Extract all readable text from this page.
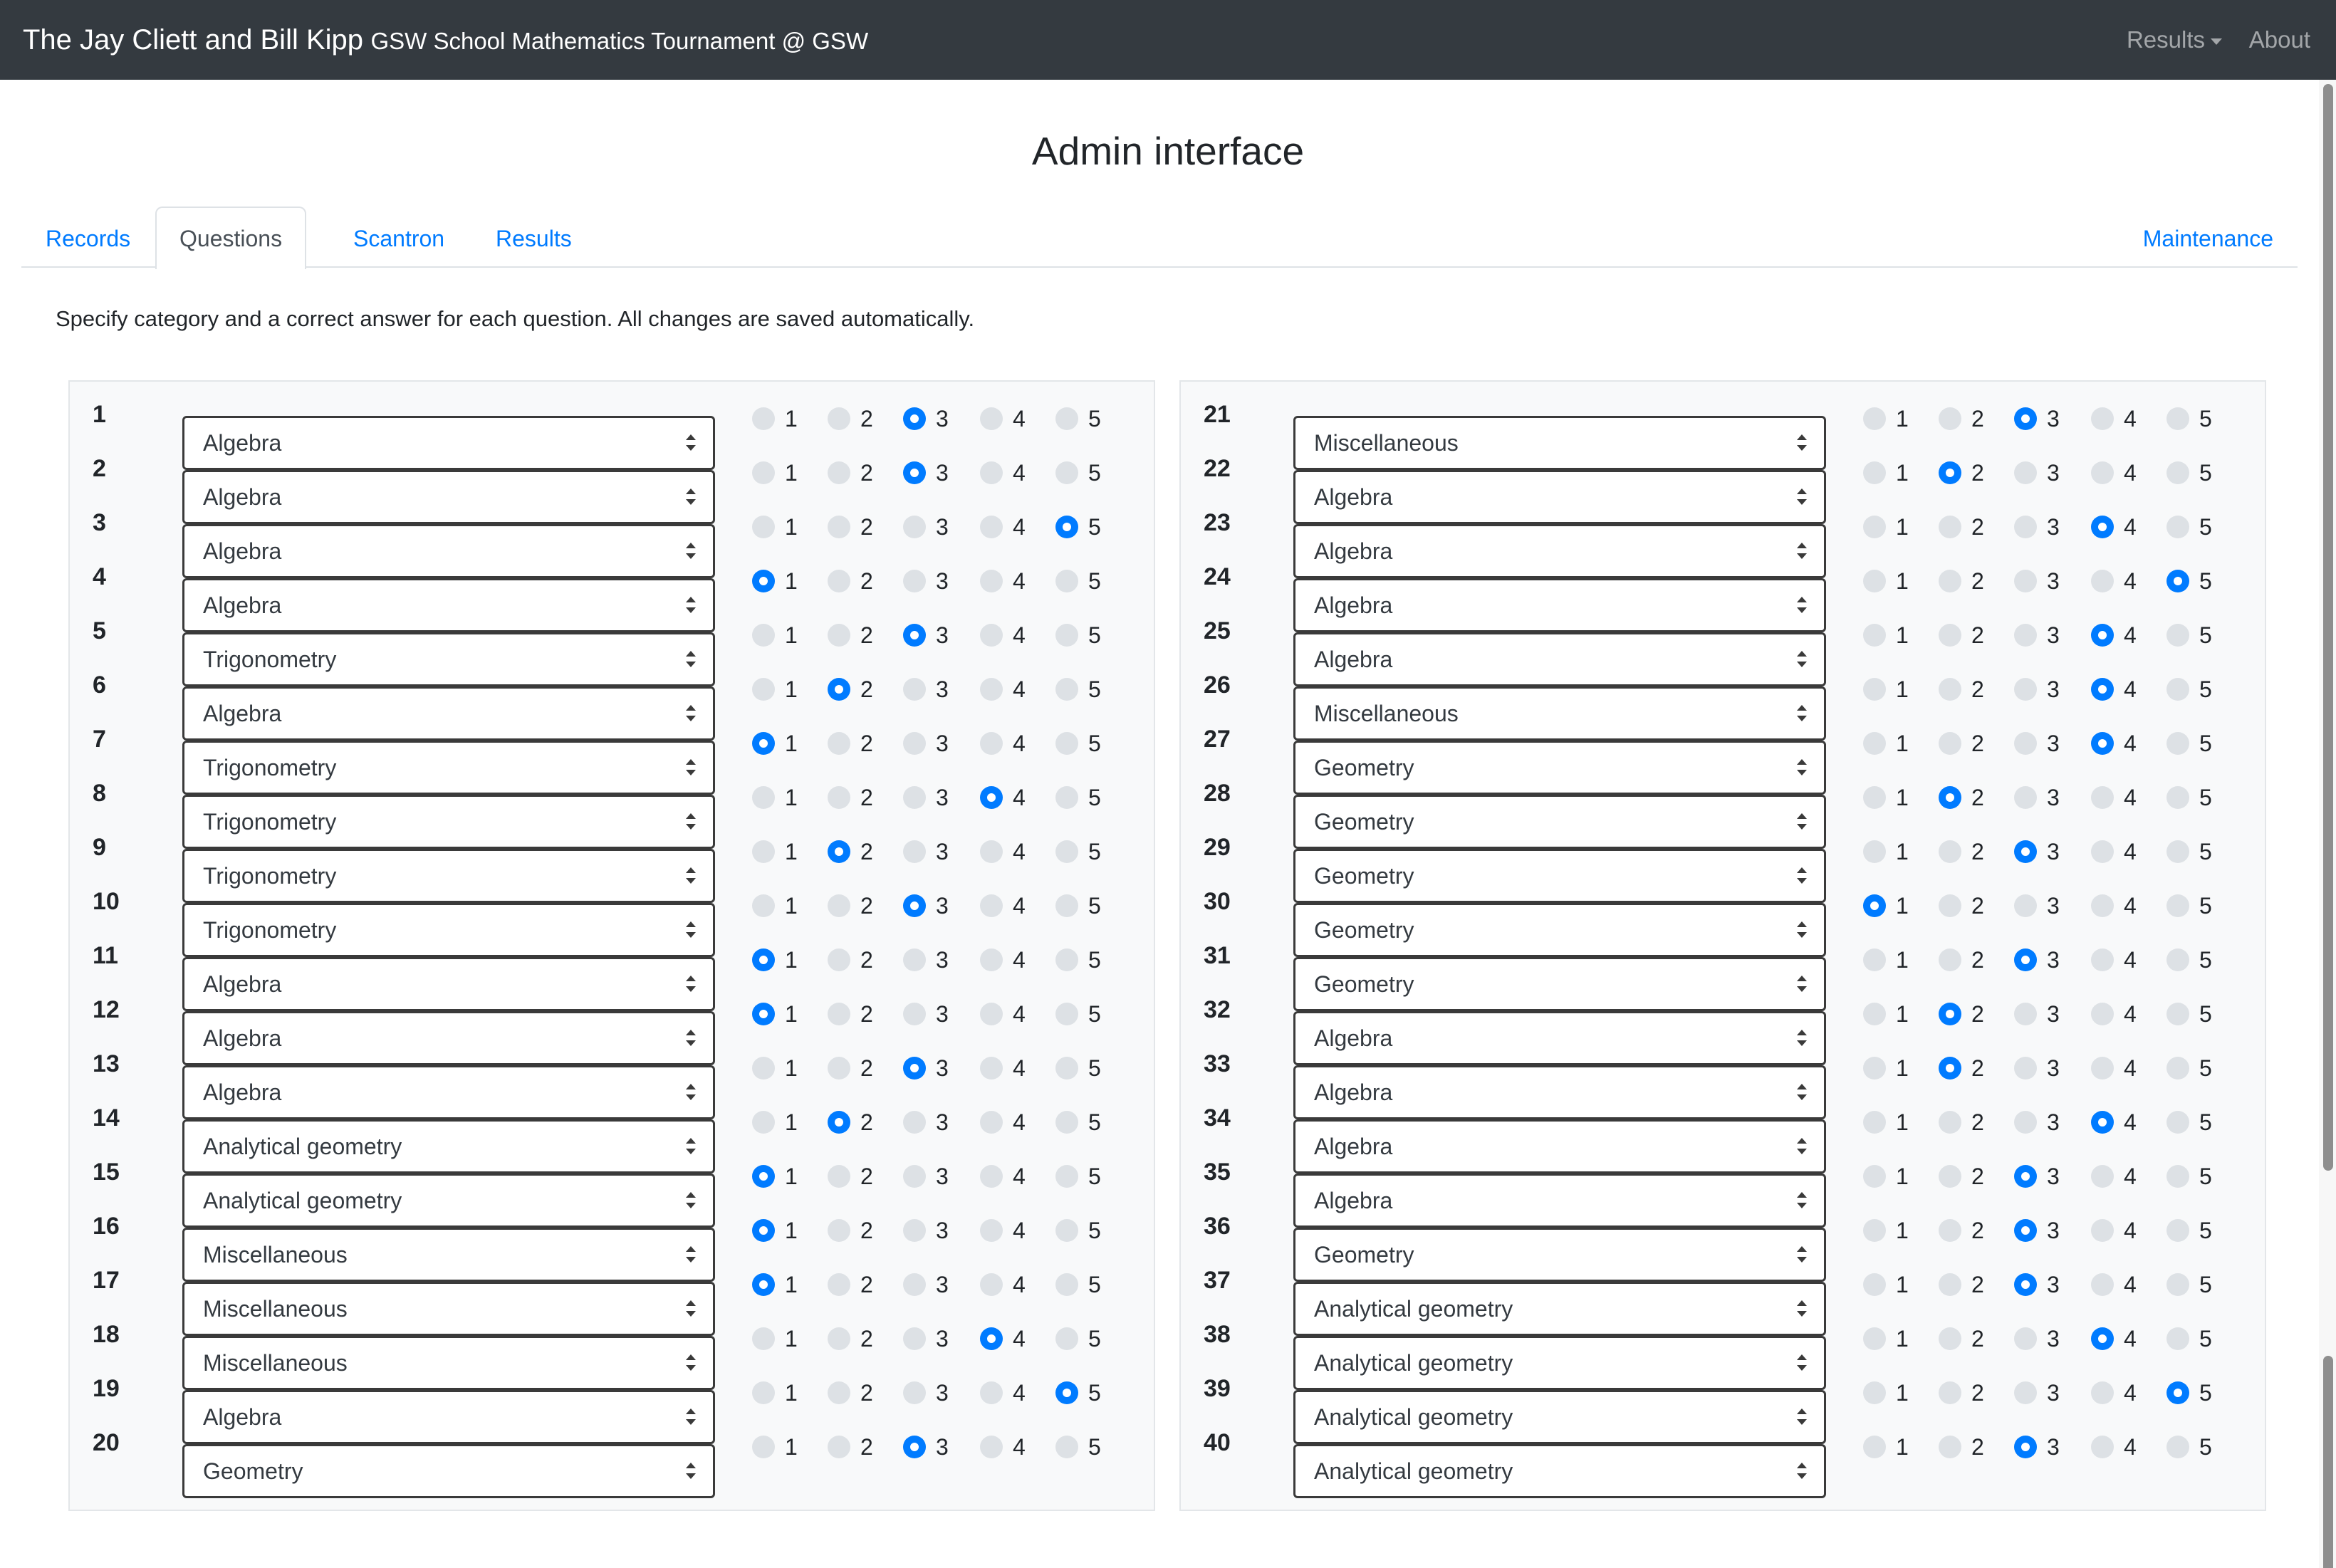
The Jay Cliett and Bill Kipp GSW School Mathematics Tournament @ GSW	Results	About
Admin interface
Records	Questions	Scantron	Results	Maintenance
Specify category and a correct answer for each question. All changes are saved automatically.
1
Algebra
1	2	3	4	5
2
Algebra
1	2	3	4	5
3
Algebra
1	2	3	4	5
4
Algebra
1	2	3	4	5
5
Trigonometry
1	2	3	4	5
6
Algebra
1	2	3	4	5
7
Trigonometry
1	2	3	4	5
8
Trigonometry
1	2	3	4	5
9
Trigonometry
1	2	3	4	5
10
Trigonometry
1	2	3	4	5
11
Algebra
1	2	3	4	5
12
Algebra
1	2	3	4	5
13
Algebra
1	2	3	4	5
14
Analytical geometry
1	2	3	4	5
15
Analytical geometry
1	2	3	4	5
16
Miscellaneous
1	2	3	4	5
17
Miscellaneous
1	2	3	4	5
18
Miscellaneous
1	2	3	4	5
19
Algebra
1	2	3	4	5
20
Geometry
1	2	3	4	5
21
Miscellaneous
1	2	3	4	5
22
Algebra
1	2	3	4	5
23
Algebra
1	2	3	4	5
24
Algebra
1	2	3	4	5
25
Algebra
1	2	3	4	5
26
Miscellaneous
1	2	3	4	5
27
Geometry
1	2	3	4	5
28
Geometry
1	2	3	4	5
29
Geometry
1	2	3	4	5
30
Geometry
1	2	3	4	5
31
Geometry
1	2	3	4	5
32
Algebra
1	2	3	4	5
33
Algebra
1	2	3	4	5
34
Algebra
1	2	3	4	5
35
Algebra
1	2	3	4	5
36
Geometry
1	2	3	4	5
37
Analytical geometry
1	2	3	4	5
38
Analytical geometry
1	2	3	4	5
39
Analytical geometry
1	2	3	4	5
40
Analytical geometry
1	2	3	4	5
